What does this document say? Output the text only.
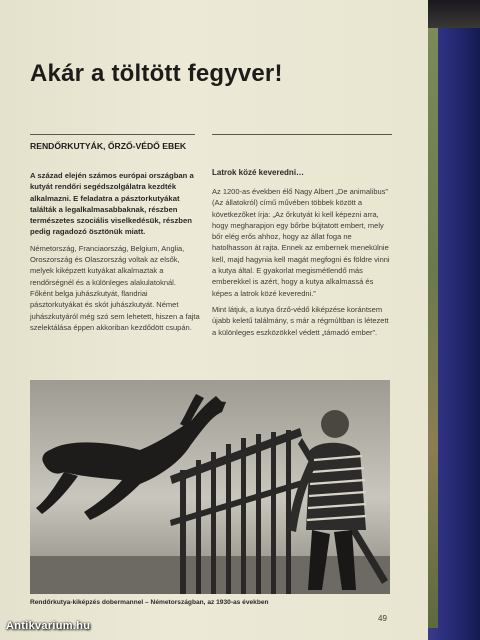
Akár a töltött fegyver!
RENDŐRKUTYÁK, ŐRZŐ-VÉDŐ EBEK

A század elején számos európai országban a kutyát rendőri segédszolgálatra kezdték alkalmazni. E feladatra a pásztorkutyákat találták a legalkalmasabbaknak, részben természetes szociális viselkedésük, részben pedig ragadozó ösztönük miatt.

Németország, Franciaország, Belgium, Anglia, Oroszország és Olaszország voltak az elsők, melyek kiképzett kutyákat alkalmaztak a rendőrségnél és a különleges alakulatoknál. Főként belga juhászkutyát, flandriai pásztorkutyákat és skót juhászkutyát. Német juhászkutyáról még szó sem lehetett, hiszen a fajta szelektálása éppen akkoriban kezdődött csupán.

Latrok közé keveredni…

Az 1200-as években élő Nagy Albert „De animalibus” (Az állatokról) című művében többek között a következőket írja: „Az őrkutyát ki kell képezni arra, hogy megharapjon egy bőrbe bújtatott embert, mely bőr elég erős ahhoz, hogy az állat foga ne hatolhasson át rajta. Ennek az embernek menekülnie kell, majd hagynia kell magát megfogni és földre vinni a kutya által. E gyakorlat megismétlendő más emberekkel is azért, hogy a kutya alkalmassá és képes a latrok közé keveredni.”

Mint látjuk, a kutya őrző-védő kiképzése korántsem újabb keletű találmány, s már a régmúltban is létezett a különleges eszközökkel védett „támadó ember”.

Rendőrkutya-kiképzés dobermannel – Németországban, az 1930-as években
49
Antikvarium.hu
